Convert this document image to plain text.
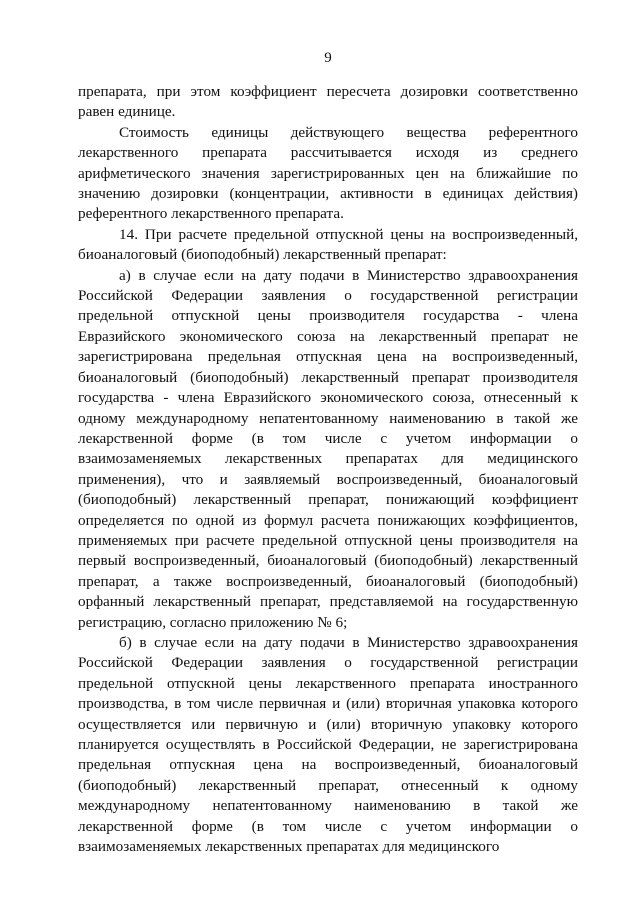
9

препарата, при этом коэффициент пересчета дозировки соответственно равен единице.

Стоимость единицы действующего вещества референтного лекарственного препарата рассчитывается исходя из среднего арифметического значения зарегистрированных цен на ближайшие по значению дозировки (концентрации, активности в единицах действия) референтного лекарственного препарата.

14. При расчете предельной отпускной цены на воспроизведенный, биоаналоговый (биоподобный) лекарственный препарат:

а) в случае если на дату подачи в Министерство здравоохранения Российской Федерации заявления о государственной регистрации предельной отпускной цены производителя государства - члена Евразийского экономического союза на лекарственный препарат не зарегистрирована предельная отпускная цена на воспроизведенный, биоаналоговый (биоподобный) лекарственный препарат производителя государства - члена Евразийского экономического союза, отнесенный к одному международному непатентованному наименованию в такой же лекарственной форме (в том числе с учетом информации о взаимозаменяемых лекарственных препаратах для медицинского применения), что и заявляемый воспроизведенный, биоаналоговый (биоподобный) лекарственный препарат, понижающий коэффициент определяется по одной из формул расчета понижающих коэффициентов, применяемых при расчете предельной отпускной цены производителя на первый воспроизведенный, биоаналоговый (биоподобный) лекарственный препарат, а также воспроизведенный, биоаналоговый (биоподобный) орфанный лекарственный препарат, представляемой на государственную регистрацию, согласно приложению № 6;

б) в случае если на дату подачи в Министерство здравоохранения Российской Федерации заявления о государственной регистрации предельной отпускной цены лекарственного препарата иностранного производства, в том числе первичная и (или) вторичная упаковка которого осуществляется или первичную и (или) вторичную упаковку которого планируется осуществлять в Российской Федерации, не зарегистрирована предельная отпускная цена на воспроизведенный, биоаналоговый (биоподобный) лекарственный препарат, отнесенный к одному международному непатентованному наименованию в такой же лекарственной форме (в том числе с учетом информации о взаимозаменяемых лекарственных препаратах для медицинского
